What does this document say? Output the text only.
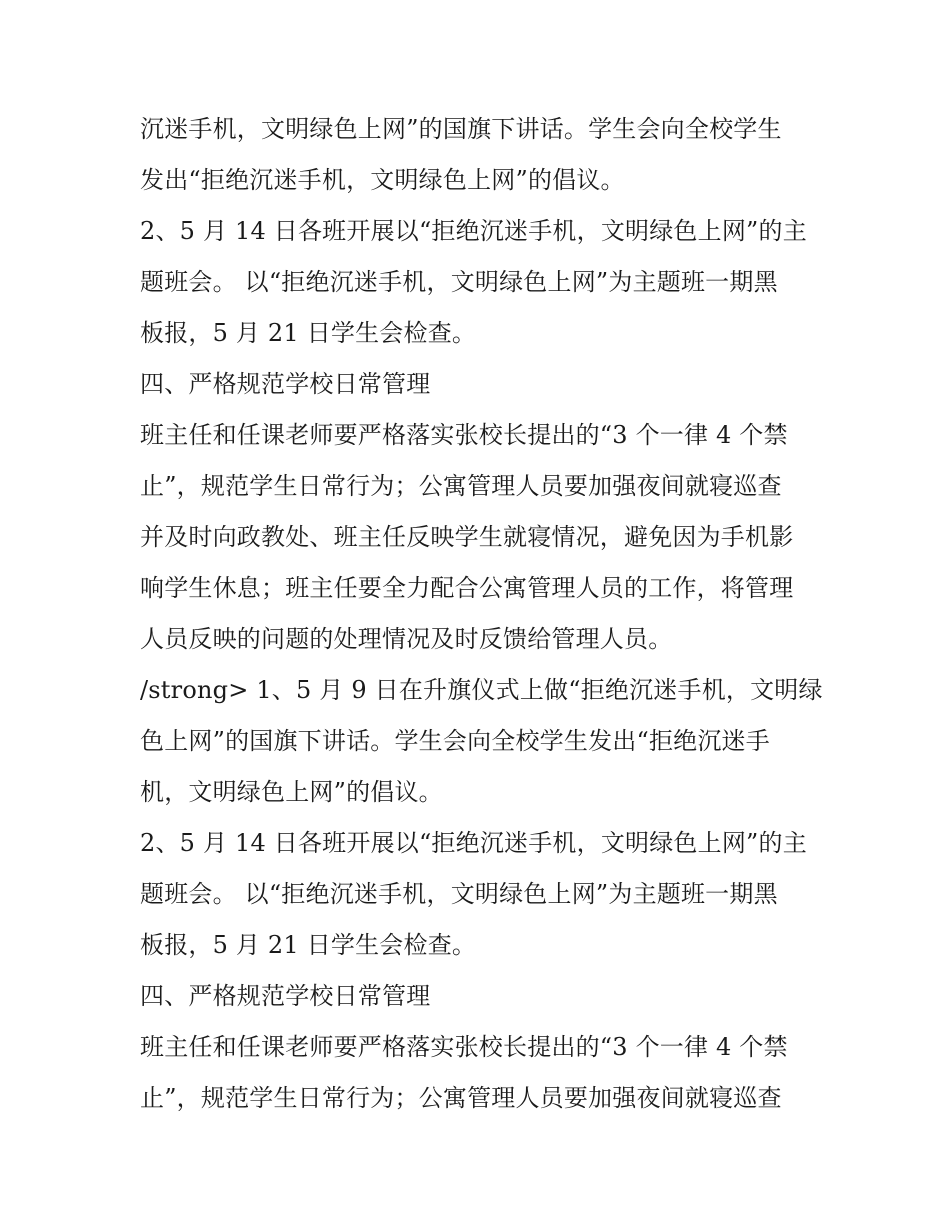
沉迷手机，文明绿色上网”的国旗下讲话。学生会向全校学生
发出“拒绝沉迷手机，文明绿色上网”的倡议。
2、5 月 14 日各班开展以“拒绝沉迷手机，文明绿色上网”的主
题班会。 以“拒绝沉迷手机，文明绿色上网”为主题班一期黑
板报，5 月 21 日学生会检查。
四、严格规范学校日常管理
班主任和任课老师要严格落实张校长提出的“3 个一律 4 个禁
止”，规范学生日常行为；公寓管理人员要加强夜间就寝巡查
并及时向政教处、班主任反映学生就寝情况，避免因为手机影
响学生休息；班主任要全力配合公寓管理人员的工作，将管理
人员反映的问题的处理情况及时反馈给管理人员。
/strong> 1、5 月 9 日在升旗仪式上做“拒绝沉迷手机，文明绿
色上网”的国旗下讲话。学生会向全校学生发出“拒绝沉迷手
机，文明绿色上网”的倡议。
2、5 月 14 日各班开展以“拒绝沉迷手机，文明绿色上网”的主
题班会。 以“拒绝沉迷手机，文明绿色上网”为主题班一期黑
板报，5 月 21 日学生会检查。
四、严格规范学校日常管理
班主任和任课老师要严格落实张校长提出的“3 个一律 4 个禁
止”，规范学生日常行为；公寓管理人员要加强夜间就寝巡查
